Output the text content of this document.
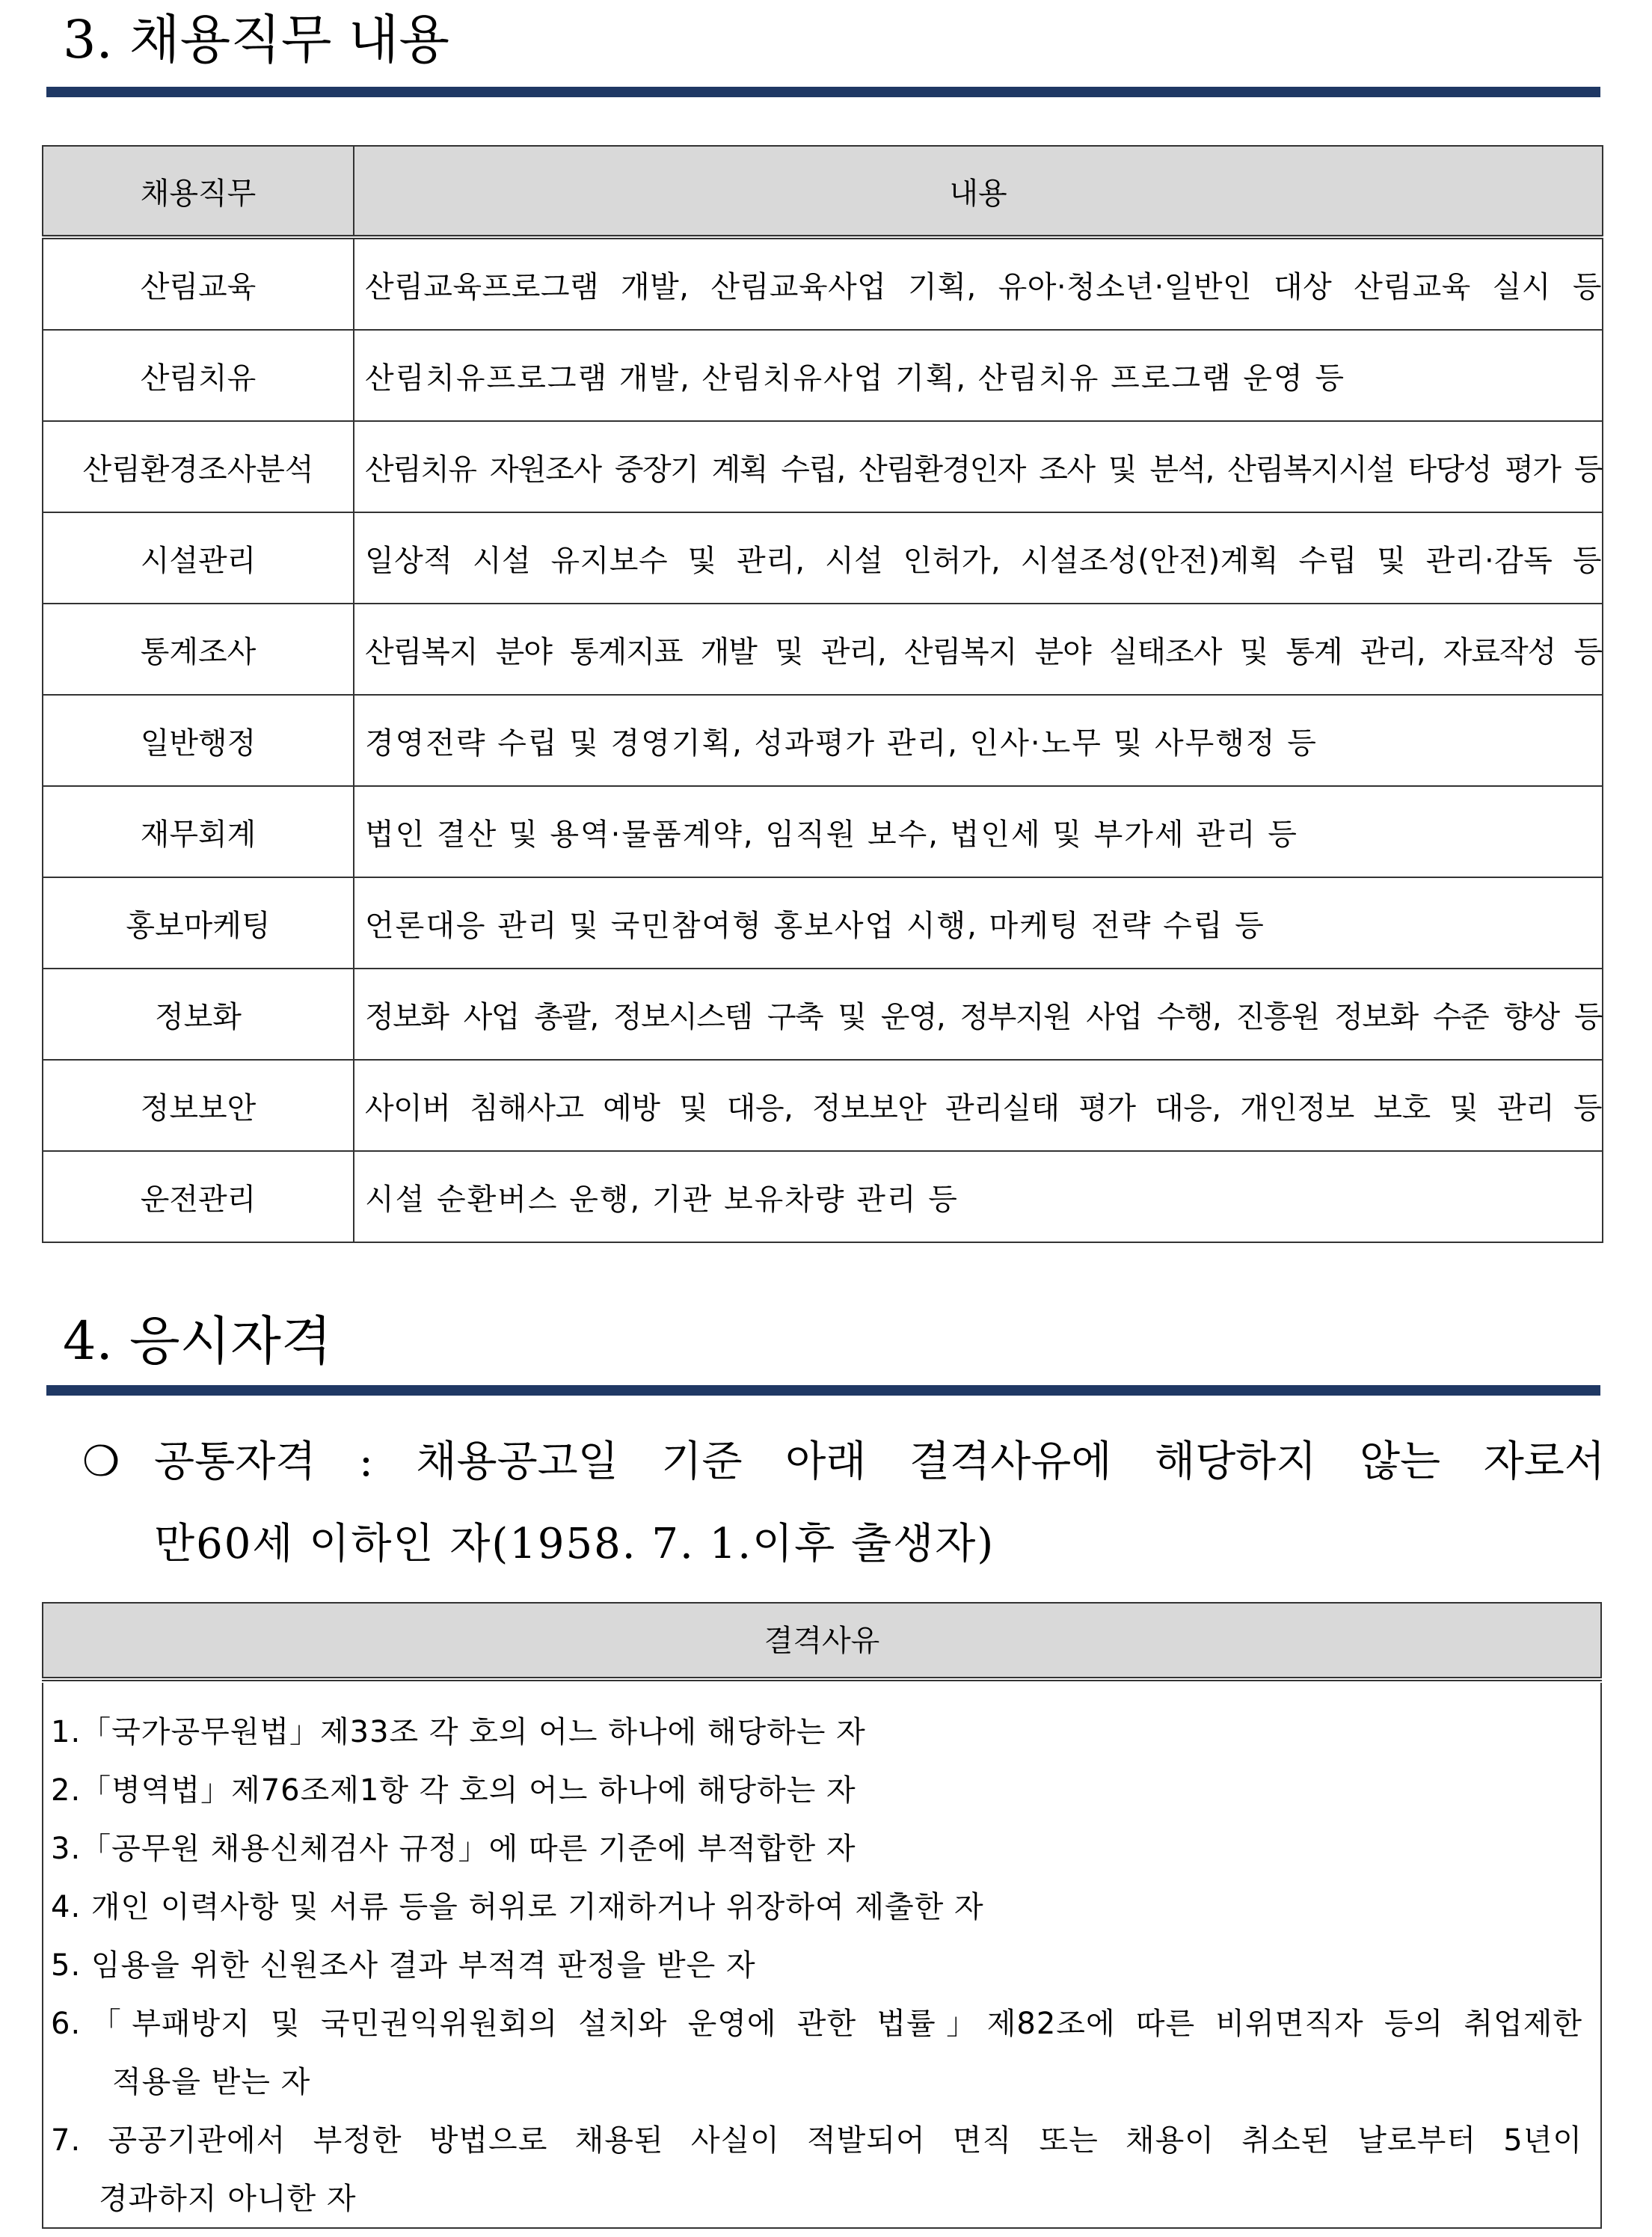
3. 채용직무 내용
채용직무	내용
산림교육	산림교육프로그램 개발, 산림교육사업 기획, 유아·청소년·일반인 대상 산림교육 실시 등
산림치유	산림치유프로그램 개발, 산림치유사업 기획, 산림치유 프로그램 운영 등
산림환경조사분석	산림치유 자원조사 중장기 계획 수립, 산림환경인자 조사 및 분석, 산림복지시설 타당성 평가 등
시설관리	일상적 시설 유지보수 및 관리, 시설 인허가, 시설조성(안전)계획 수립 및 관리·감독 등
통계조사	산림복지 분야 통계지표 개발 및 관리, 산림복지 분야 실태조사 및 통계 관리, 자료작성 등
일반행정	경영전략 수립 및 경영기획, 성과평가 관리, 인사·노무 및 사무행정 등
재무회계	법인 결산 및 용역·물품계약, 임직원 보수, 법인세 및 부가세 관리 등
홍보마케팅	언론대응 관리 및 국민참여형 홍보사업 시행, 마케팅 전략 수립 등
정보화	정보화 사업 총괄, 정보시스템 구축 및 운영, 정부지원 사업 수행, 진흥원 정보화 수준 향상 등
정보보안	사이버 침해사고 예방 및 대응, 정보보안 관리실태 평가 대응, 개인정보 보호 및 관리 등
운전관리	시설 순환버스 운행, 기관 보유차량 관리 등
4. 응시자격
❍ 공통자격 : 채용공고일 기준 아래 결격사유에 해당하지 않는 자로서
만60세 이하인 자(1958. 7. 1.이후 출생자)
결격사유
1.「국가공무원법」제33조 각 호의 어느 하나에 해당하는 자
2.「병역법」제76조제1항 각 호의 어느 하나에 해당하는 자
3.「공무원 채용신체검사 규정」에 따른 기준에 부적합한 자
4. 개인 이력사항 및 서류 등을 허위로 기재하거나 위장하여 제출한 자
5. 임용을 위한 신원조사 결과 부적격 판정을 받은 자
6.「부패방지 및 국민권익위원회의 설치와 운영에 관한 법률」제82조에 따른 비위면직자 등의 취업제한
적용을 받는 자
7. 공공기관에서 부정한 방법으로 채용된 사실이 적발되어 면직 또는 채용이 취소된 날로부터 5년이
경과하지 아니한 자
